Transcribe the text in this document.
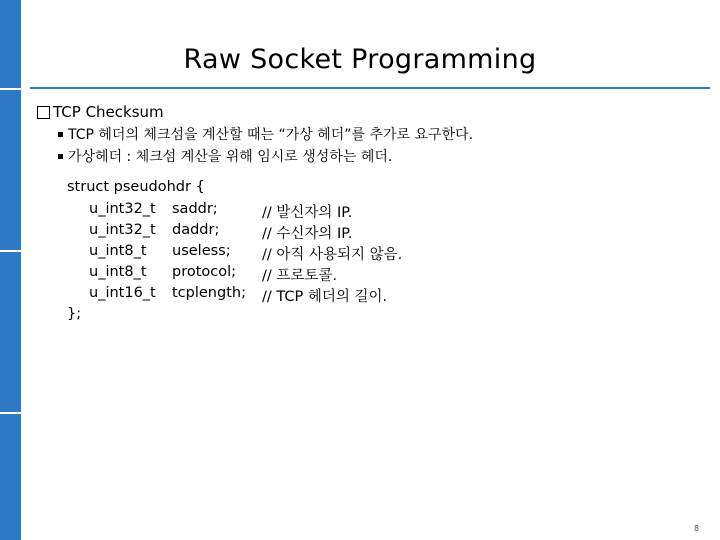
Raw Socket Programming
TCP Checksum
TCP 헤더의 체크섬을 계산할 때는 “가상 헤더”를 추가로 요구한다.
가상헤더 : 체크섬 계산을 위해 임시로 생성하는 헤더.
struct pseudohdr {
u_int32_t saddr;	// 발신자의 IP.
u_int32_t daddr;	// 수신자의 IP.
u_int8_t useless; // 아직 사용되지 않음.
u_int8_t protocol; // 프로토콜.
u_int16_t tcplength; // TCP 헤더의 길이.
};
8
